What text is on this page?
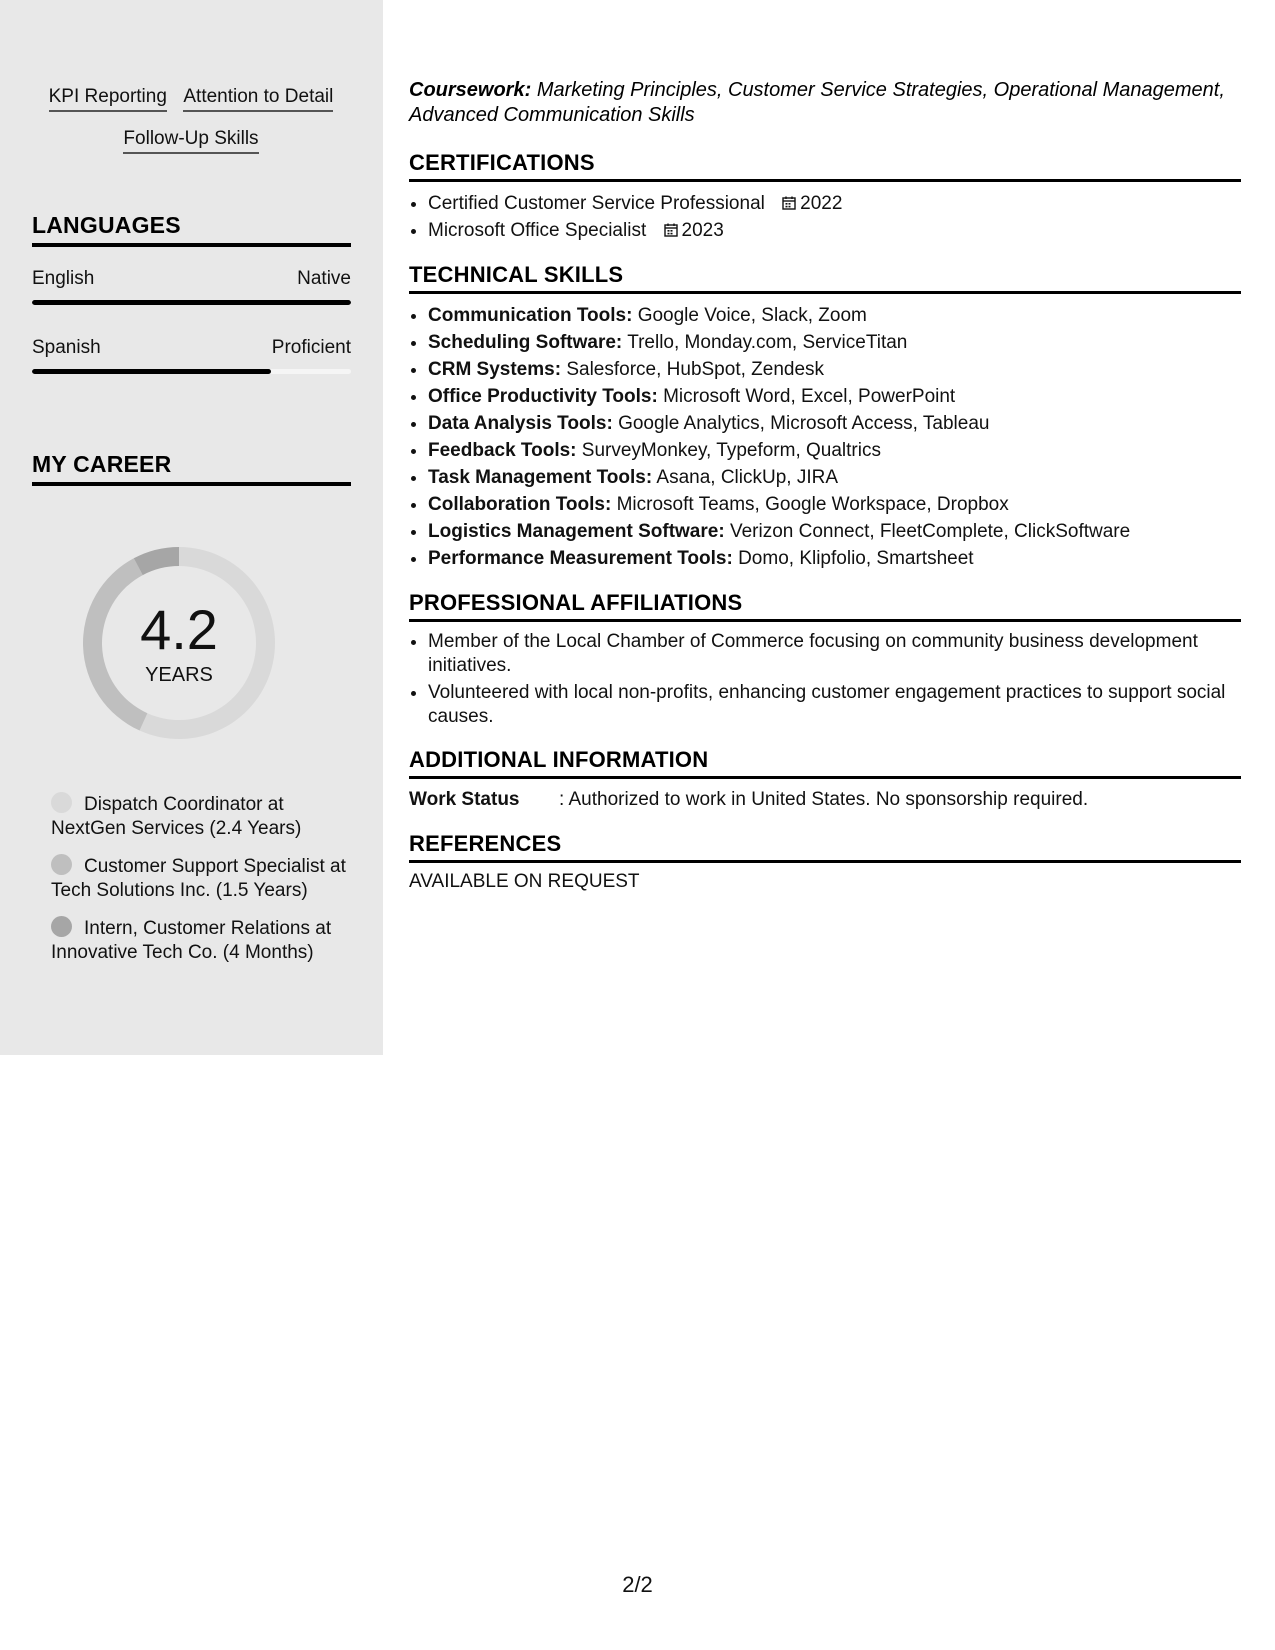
KPI Reporting Attention to Detail
Follow-Up Skills
LANGUAGES
English	Native
Spanish	Proficient
MY CAREER
4.2
YEARS
Dispatch Coordinator at NextGen Services (2.4 Years)
Customer Support Specialist at Tech Solutions Inc. (1.5 Years)
Intern, Customer Relations at Innovative Tech Co. (4 Months)
Coursework: Marketing Principles, Customer Service Strategies, Operational Management, Advanced Communication Skills
CERTIFICATIONS
• Certified Customer Service Professional 2022
• Microsoft Office Specialist 2023
TECHNICAL SKILLS
• Communication Tools: Google Voice, Slack, Zoom
• Scheduling Software: Trello, Monday.com, ServiceTitan
• CRM Systems: Salesforce, HubSpot, Zendesk
• Office Productivity Tools: Microsoft Word, Excel, PowerPoint
• Data Analysis Tools: Google Analytics, Microsoft Access, Tableau
• Feedback Tools: SurveyMonkey, Typeform, Qualtrics
• Task Management Tools: Asana, ClickUp, JIRA
• Collaboration Tools: Microsoft Teams, Google Workspace, Dropbox
• Logistics Management Software: Verizon Connect, FleetComplete, ClickSoftware
• Performance Measurement Tools: Domo, Klipfolio, Smartsheet
PROFESSIONAL AFFILIATIONS
• Member of the Local Chamber of Commerce focusing on community business development initiatives.
• Volunteered with local non-profits, enhancing customer engagement practices to support social causes.
ADDITIONAL INFORMATION
Work Status : Authorized to work in United States. No sponsorship required.
REFERENCES
AVAILABLE ON REQUEST
2/2
